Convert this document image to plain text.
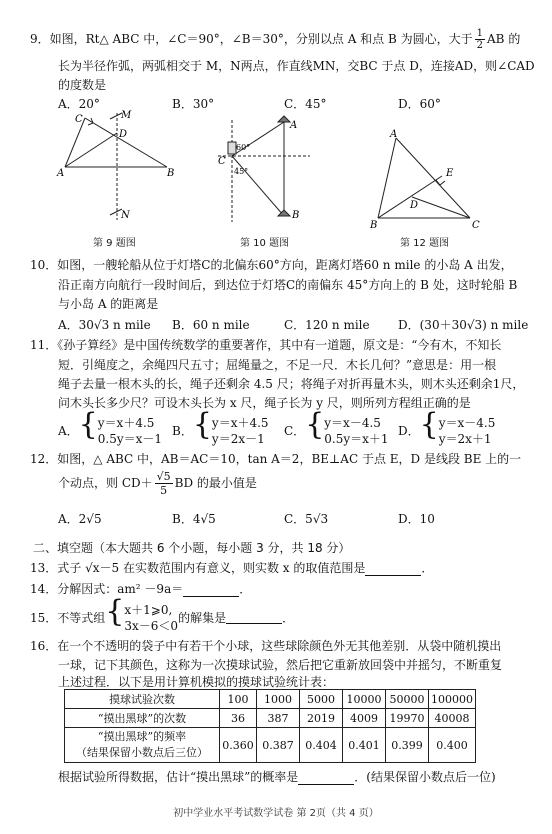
9．如图，Rt△ ABC 中，∠C＝90°，∠B＝30°，分别以点 A 和点 B 为圆心，大于 $\frac{1}{2}$ AB 的
长为半径作弧，两弧相交于 M，N两点，作直线MN，交BC 于点 D，连接AD，则∠CAD
的度数是
A．20°	B．30°	C．45°	D．60°
C	M
D
A	B
N
第 9 题图
A
60°
C
45°
B
第 10 题图
A
E
D
B	C
第 12 题图
10．如图，一艘轮船从位于灯塔C的北偏东60°方向，距离灯塔60 n mile 的小岛 A 出发，
沿正南方向航行一段时间后，到达位于灯塔C的南偏东 45°方向上的 B 处，这时轮船 B
与小岛 A 的距离是
A．30√3 n mile B．60 n mile	C．120 n mile D．(30＋30√3) n mile
11．《孙子算经》是中国传统数学的重要著作，其中有一道题，原文是：“今有木，不知长
短．引绳度之，余绳四尺五寸；屈绳量之，不足一尺．木长几何？”意思是：用一根
绳子去量一根木头的长，绳子还剩余 4.5 尺；将绳子对折再量木头，则木头还剩余1尺，
问木头长多少尺？可设木头长为 x 尺，绳子长为 y 尺，则所列方程组正确的是
A．{ y＝x＋4.5
0.5y＝x－1
B．{ y＝x＋4.5
y＝2x－1
C．{ y＝x－4.5
0.5y＝x＋1
D．{ y＝x－4.5
y＝2x＋1
12．如图，△ ABC 中，AB＝AC＝10，tan A＝2，BE⊥AC 于点 E，D 是线段 BE 上的一
个动点，则 $CD+ \frac{√5}{5}$ BD 的最小值是
A．2√5	B．4√5	C．5√3	D．10
二、填空题（本大题共 6 个小题，每小题 3 分，共 18 分）
13．式子 √x－5 在实数范围内有意义，则实数 x 的取值范围是	．
14．分解因式：am² －9a＝	．
15．不等式组{ x＋1⩾0,
3x－6＜0
的解集是	．
16．在一个不透明的袋子中有若干个小球，这些球除颜色外无其他差别．从袋中随机摸出
一球，记下其颜色，这称为一次摸球试验，然后把它重新放回袋中并摇匀，不断重复
上述过程．以下是用计算机模拟的摸球试验统计表：
摸球试验次数	100	1000	5000	10000	50000	100000
“摸出黑球”的次数	36	387	2019	4009	19970	40008

“摸出黑球”的频率
（结果保留小数点后三位）	0.360	0.387	0.404	0.401	0.399	0.400
根据试验所得数据，估计“摸出黑球”的概率是	．(结果保留小数点后一位)
初中学业水平考试数学试卷 第 2页（共 4 页）
